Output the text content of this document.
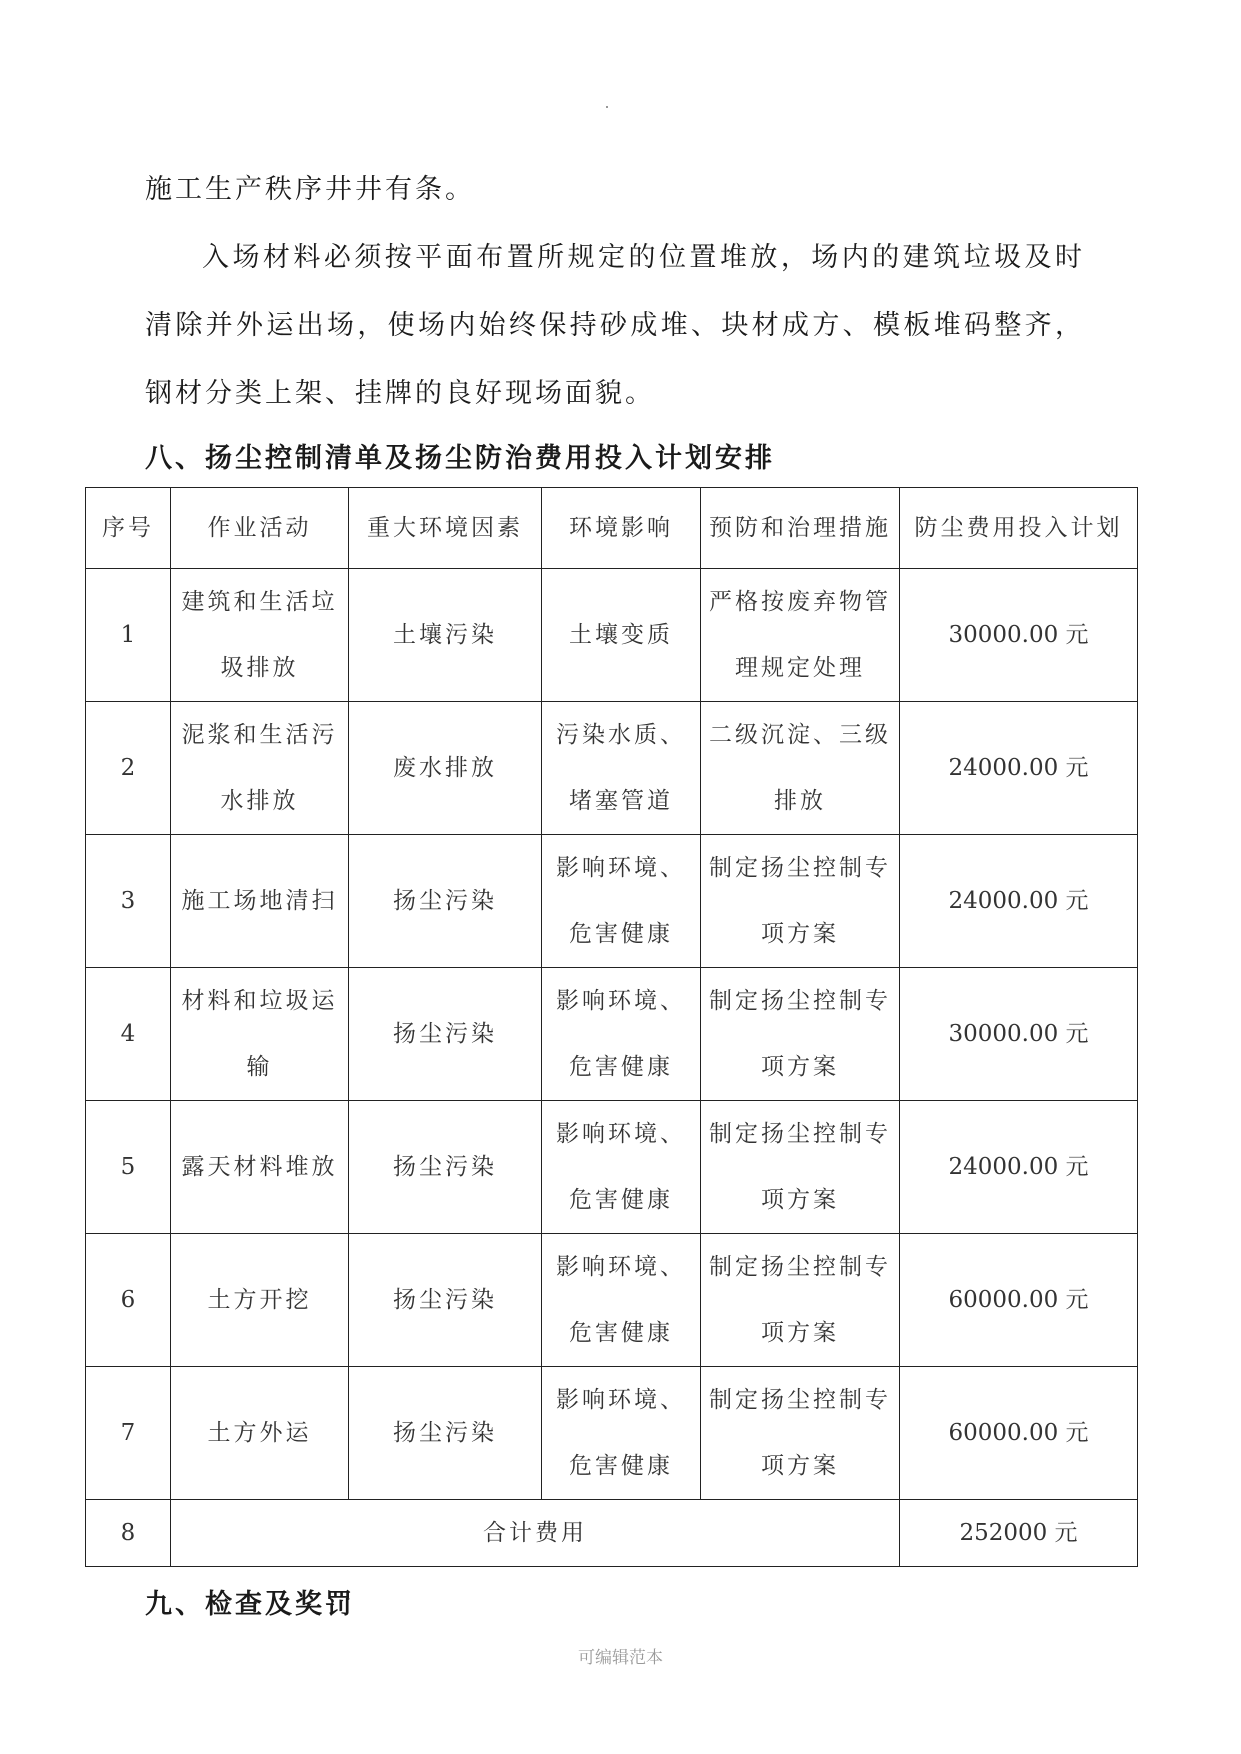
施工生产秩序井井有条。

入场材料必须按平面布置所规定的位置堆放，场内的建筑垃圾及时清除并外运出场，使场内始终保持砂成堆、块材成方、模板堆码整齐，钢材分类上架、挂牌的良好现场面貌。

八、扬尘控制清单及扬尘防治费用投入计划安排
序号	作业活动	重大环境因素	环境影响	预防和治理措施	防尘费用投入计划
1	建筑和生活垃圾排放	土壤污染	土壤变质	严格按废弃物管理规定处理	30000.00 元
2	泥浆和生活污水排放	废水排放	污染水质、堵塞管道	二级沉淀、三级排放	24000.00 元
3	施工场地清扫	扬尘污染	影响环境、危害健康	制定扬尘控制专项方案	24000.00 元
4	材料和垃圾运输	扬尘污染	影响环境、危害健康	制定扬尘控制专项方案	30000.00 元
5	露天材料堆放	扬尘污染	影响环境、危害健康	制定扬尘控制专项方案	24000.00 元
6	土方开挖	扬尘污染	影响环境、危害健康	制定扬尘控制专项方案	60000.00 元
7	土方外运	扬尘污染	影响环境、危害健康	制定扬尘控制专项方案	60000.00 元
8	合计费用				252000 元
九、检查及奖罚
可编辑范本
